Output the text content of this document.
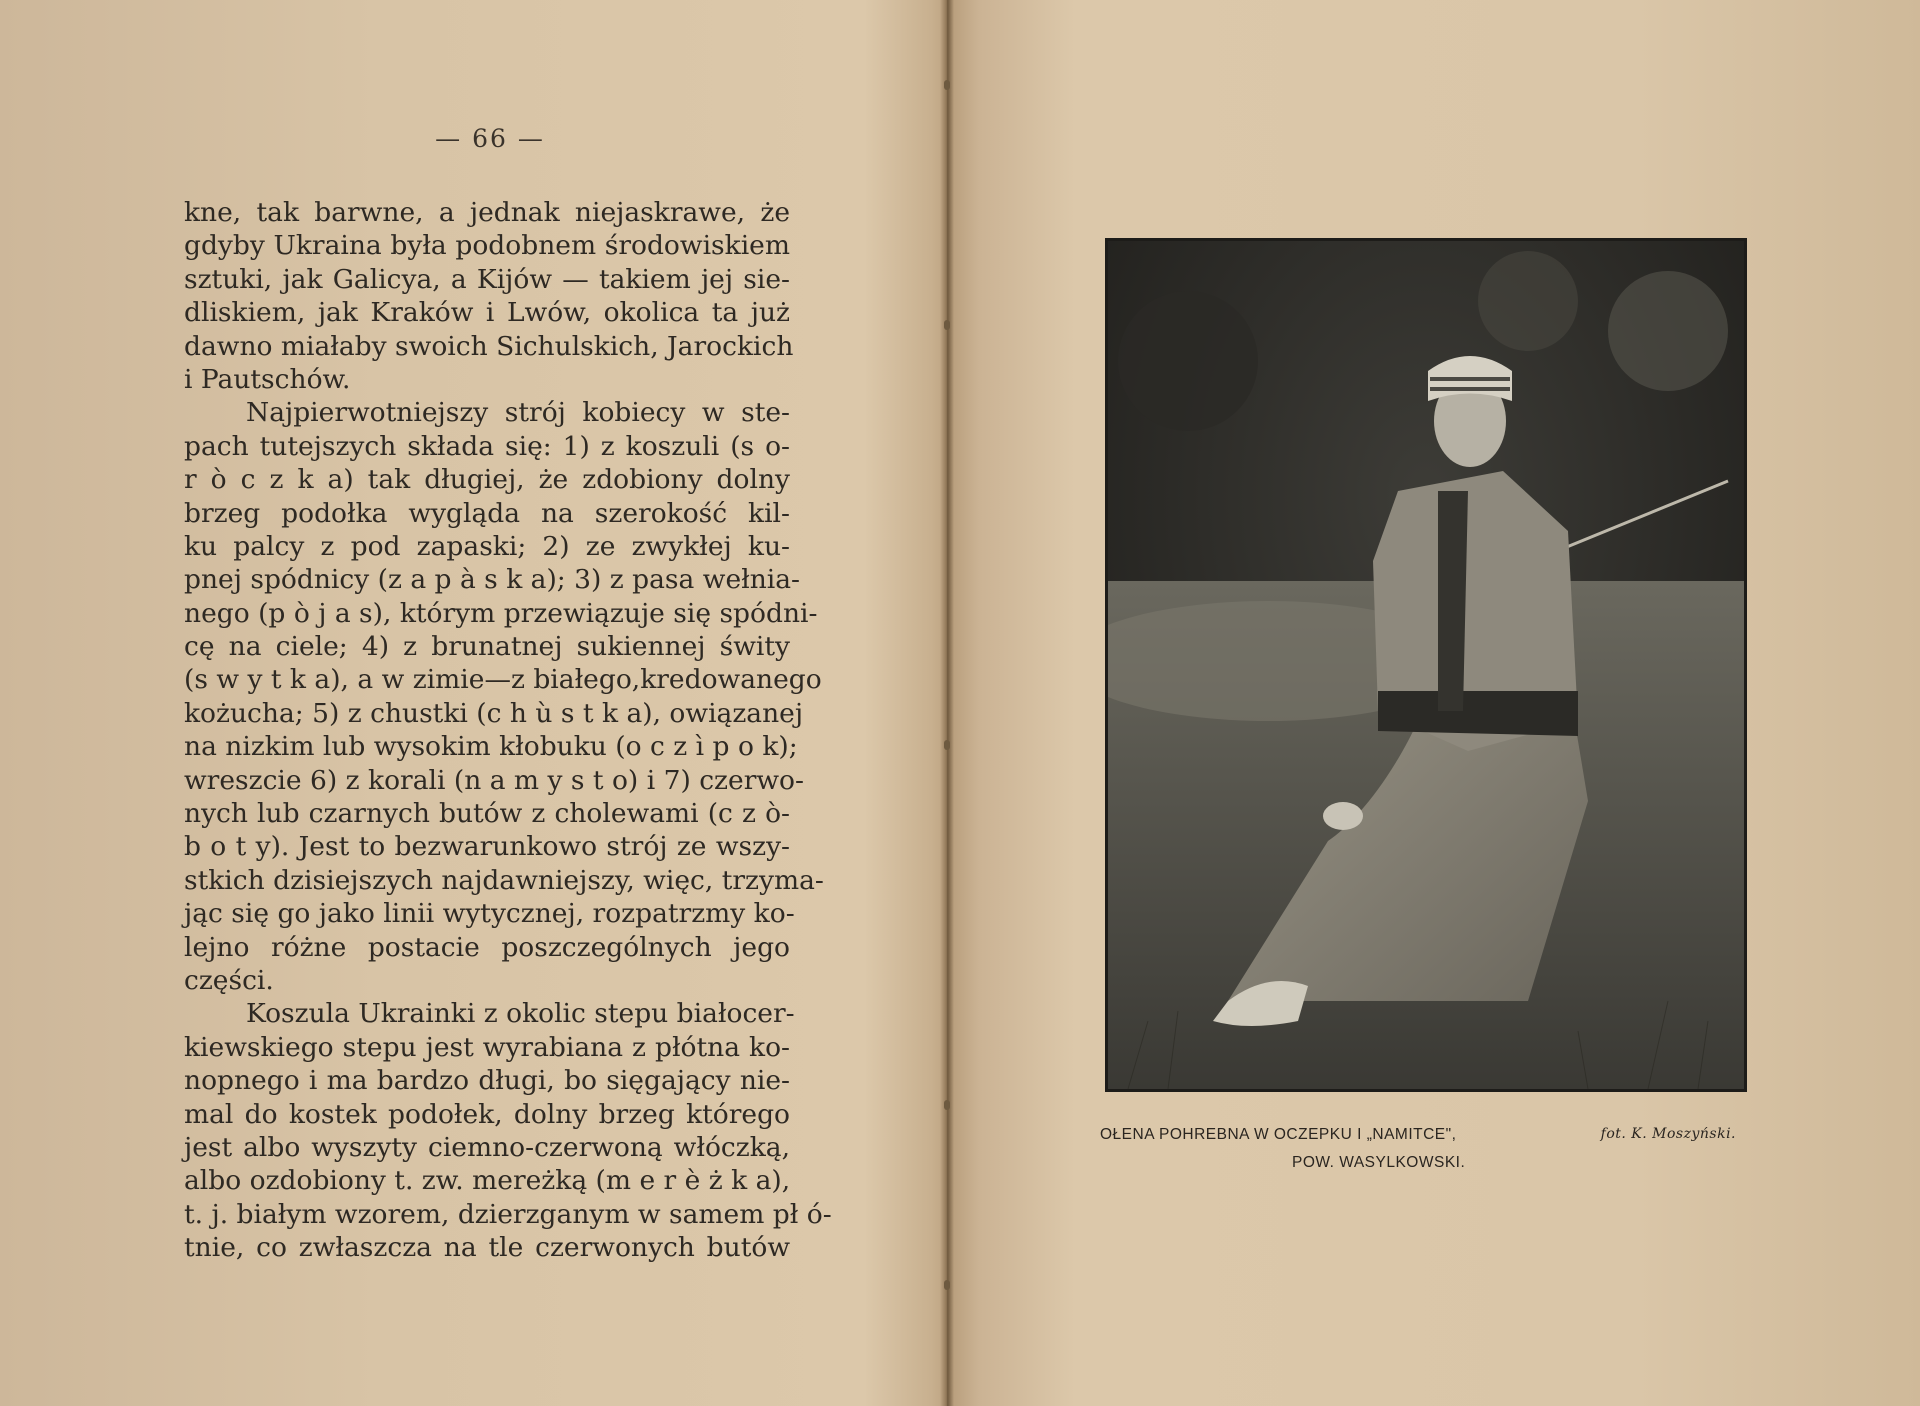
— 66 —
kne, tak barwne, a jednak niejaskrawe, że
gdyby Ukraina była podobnem środowiskiem
sztuki, jak Galicya, a Kijów — takiem jej sie-
dliskiem, jak Kraków i Lwów, okolica ta już
dawno miałaby swoich Sichulskich, Jarockich
i Pautschów.
Najpierwotniejszy strój kobiecy w ste-
pach tutejszych składa się: 1) z koszuli (s o-
r ò c z k a) tak długiej, że zdobiony dolny
brzeg podołka wygląda na szerokość kil-
ku palcy z pod zapaski; 2) ze zwykłej ku-
pnej spódnicy (z a p à s k a); 3) z pasa wełnia-
nego (p ò j a s), którym przewiązuje się spódni-
cę na ciele; 4) z brunatnej sukiennej świty
(s w y t k a), a w zimie—z białego,kredowanego
kożucha; 5) z chustki (c h ù s t k a), owiązanej
na nizkim lub wysokim kłobuku (o c z ì p o k);
wreszcie 6) z korali (n a m y s t o) i 7) czerwo-
nych lub czarnych butów z cholewami (c z ò-
b o t y). Jest to bezwarunkowo strój ze wszy-
stkich dzisiejszych najdawniejszy, więc, trzyma-
jąc się go jako linii wytycznej, rozpatrzmy ko-
lejno różne postacie poszczególnych jego
części.
Koszula Ukrainki z okolic stepu białocer-
kiewskiego stepu jest wyrabiana z płótna ko-
nopnego i ma bardzo długi, bo sięgający nie-
mal do kostek podołek, dolny brzeg którego
jest albo wyszyty ciemno-czerwoną włóczką,
albo ozdobiony t. zw. mereżką (m e r è ż k a),
t. j. białym wzorem, dzierzganym w samem pł ó-
tnie, co zwłaszcza na tle czerwonych butów
OŁENA POHREBNA W OCZEPKU I „NAMITCE",
POW. WASYLKOWSKI.
fot. K. Moszyński.
